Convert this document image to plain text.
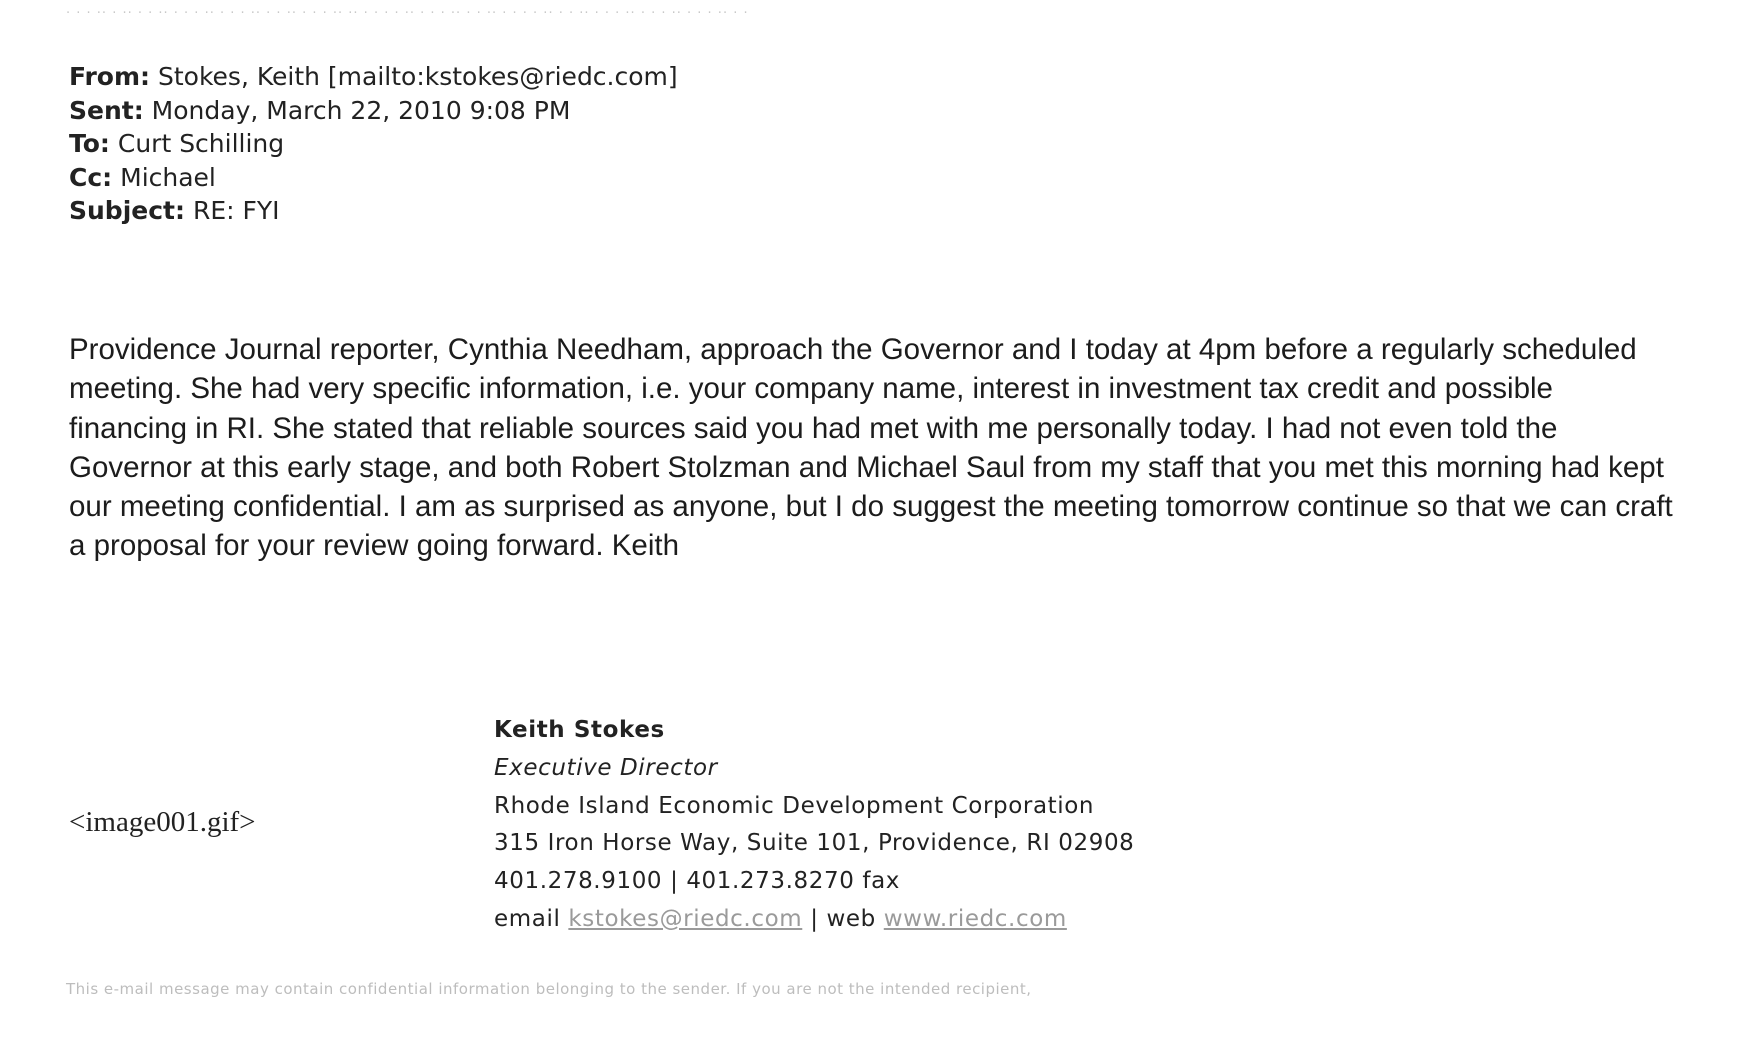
· · · ·· · ·· · · ·· · · · ·· · · · ·· · · ·· · · · ·· ·· · · · · ·· · · · ·· · · ·· · · · · ·· · · ·· · · · ·· · · · ·· · · · ·· · ·
From: Stokes, Keith [mailto:kstokes@riedc.com]
Sent: Monday, March 22, 2010 9:08 PM
To: Curt Schilling
Cc: Michael
Subject: RE: FYI

Providence Journal reporter, Cynthia Needham, approach the Governor and I today at 4pm before a regularly scheduled meeting. She had very specific information, i.e. your company name, interest in investment tax credit and possible financing in RI. She stated that reliable sources said you had met with me personally today. I had not even told the Governor at this early stage, and both Robert Stolzman and Michael Saul from my staff that you met this morning had kept our meeting confidential. I am as surprised as anyone, but I do suggest the meeting tomorrow continue so that we can craft a proposal for your review going forward. Keith

<image001.gif>
Keith Stokes
Executive Director
Rhode Island Economic Development Corporation
315 Iron Horse Way, Suite 101, Providence, RI 02908
401.278.9100 | 401.273.8270 fax
email kstokes@riedc.com | web www.riedc.com
This e-mail message may contain confidential information belonging to the sender. If you are not the intended recipient,
